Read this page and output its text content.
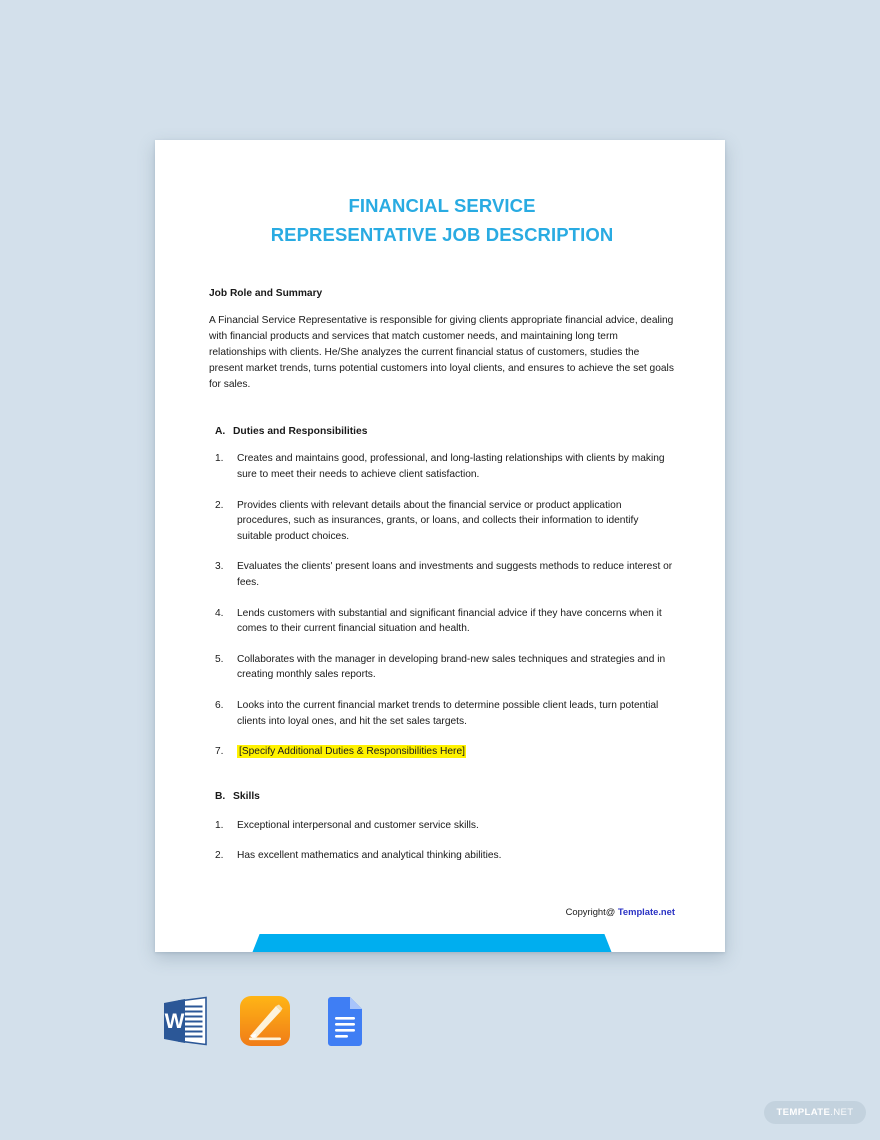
FINANCIAL SERVICE
REPRESENTATIVE JOB DESCRIPTION
Job Role and Summary

A Financial Service Representative is responsible for giving clients appropriate financial advice, dealing with financial products and services that match customer needs, and maintaining long term relationships with clients. He/She analyzes the current financial status of customers, studies the present market trends, turns potential customers into loyal clients, and ensures to achieve the set goals for sales.

A. Duties and Responsibilities
1.	Creates and maintains good, professional, and long-lasting relationships with clients by making sure to meet their needs to achieve client satisfaction.
2.	Provides clients with relevant details about the financial service or product application procedures, such as insurances, grants, or loans, and collects their information to identify suitable product choices.
3.	Evaluates the clients' present loans and investments and suggests methods to reduce interest or fees.
4.	Lends customers with substantial and significant financial advice if they have concerns when it comes to their current financial situation and health.
5.	Collaborates with the manager in developing brand-new sales techniques and strategies and in creating monthly sales reports.
6.	Looks into the current financial market trends to determine possible client leads, turn potential clients into loyal ones, and hit the set sales targets.
7.	[Specify Additional Duties & Responsibilities Here]
B. Skills
1.	Exceptional interpersonal and customer service skills.
2.	Has excellent mathematics and analytical thinking abilities.
Copyright@ Template.net
W
TEMPLATE .NET
